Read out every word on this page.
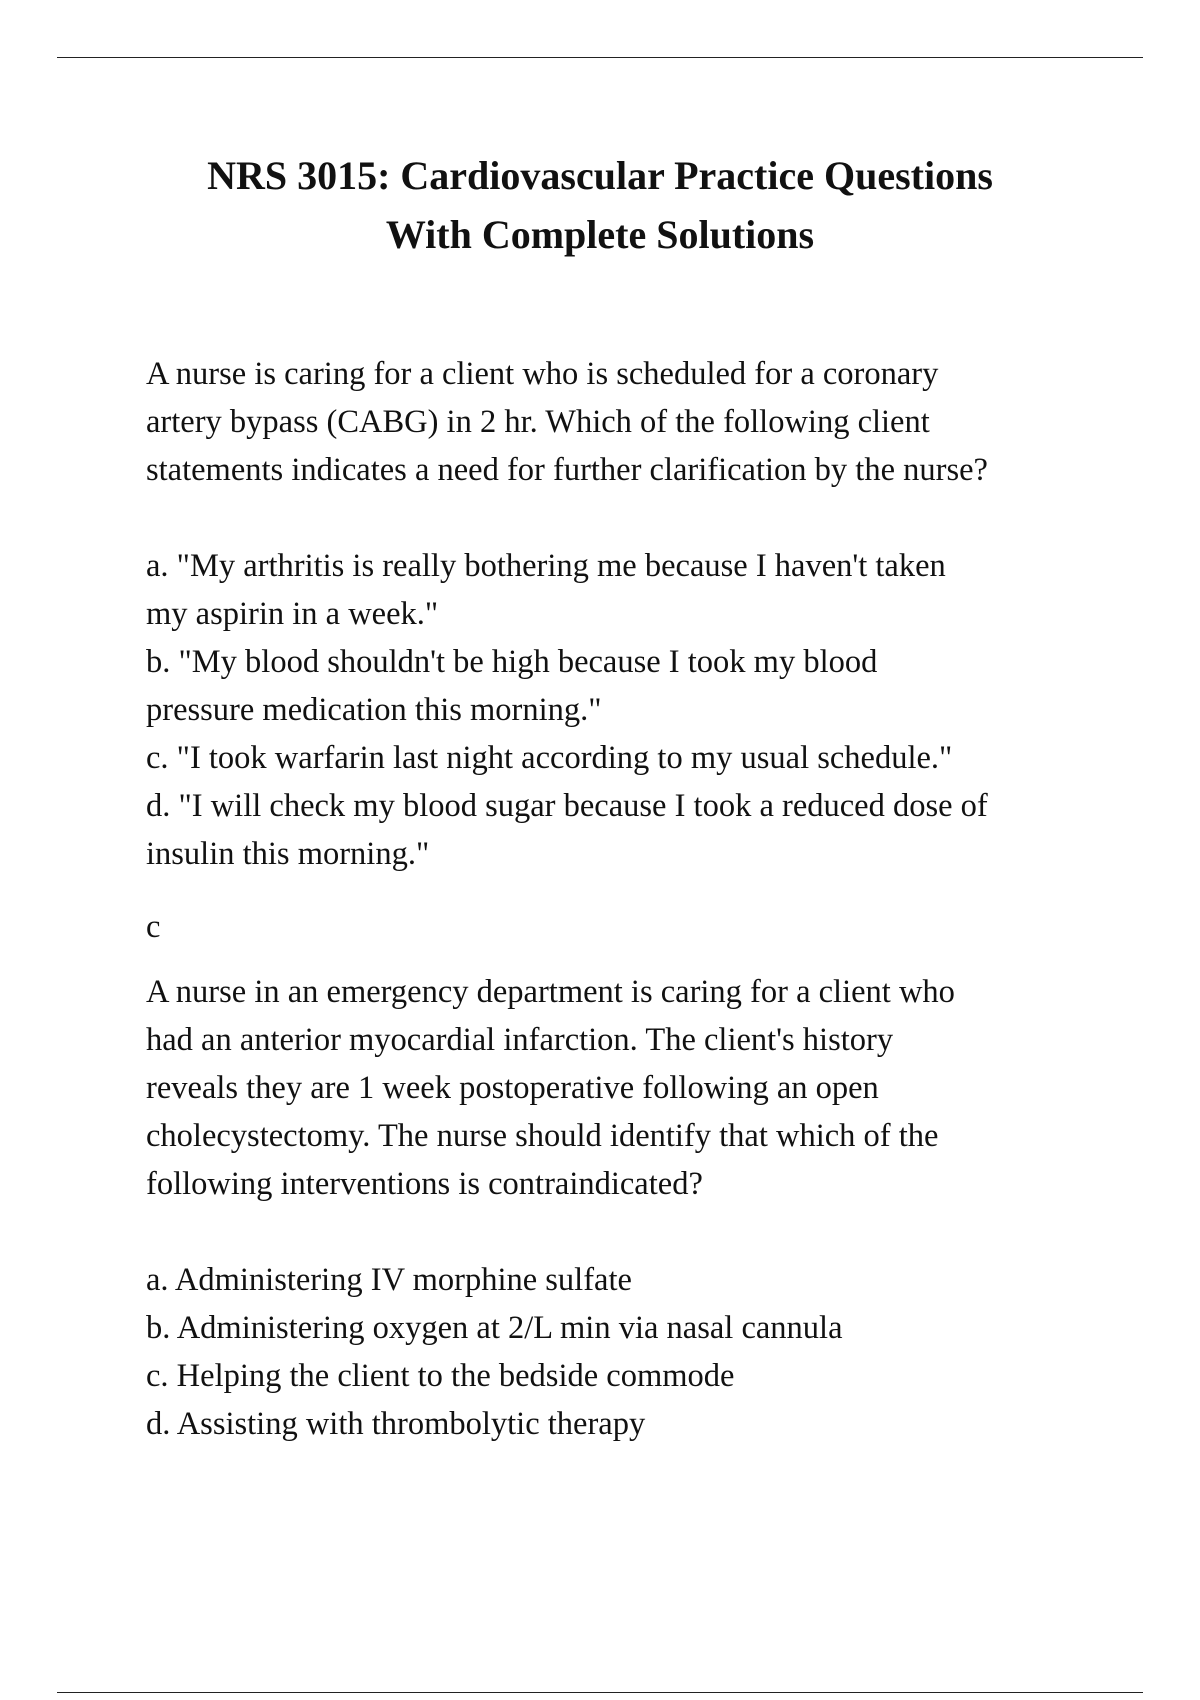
NRS 3015: Cardiovascular Practice Questions
With Complete Solutions

A nurse is caring for a client who is scheduled for a coronary

artery bypass (CABG) in 2 hr. Which of the following client

statements indicates a need for further clarification by the nurse?

a. "My arthritis is really bothering me because I haven't taken

my aspirin in a week."

b. "My blood shouldn't be high because I took my blood

pressure medication this morning."

c. "I took warfarin last night according to my usual schedule."

d. "I will check my blood sugar because I took a reduced dose of

insulin this morning."

c

A nurse in an emergency department is caring for a client who

had an anterior myocardial infarction. The client's history

reveals they are 1 week postoperative following an open

cholecystectomy. The nurse should identify that which of the

following interventions is contraindicated?

a. Administering IV morphine sulfate

b. Administering oxygen at 2/L min via nasal cannula

c. Helping the client to the bedside commode

d. Assisting with thrombolytic therapy
